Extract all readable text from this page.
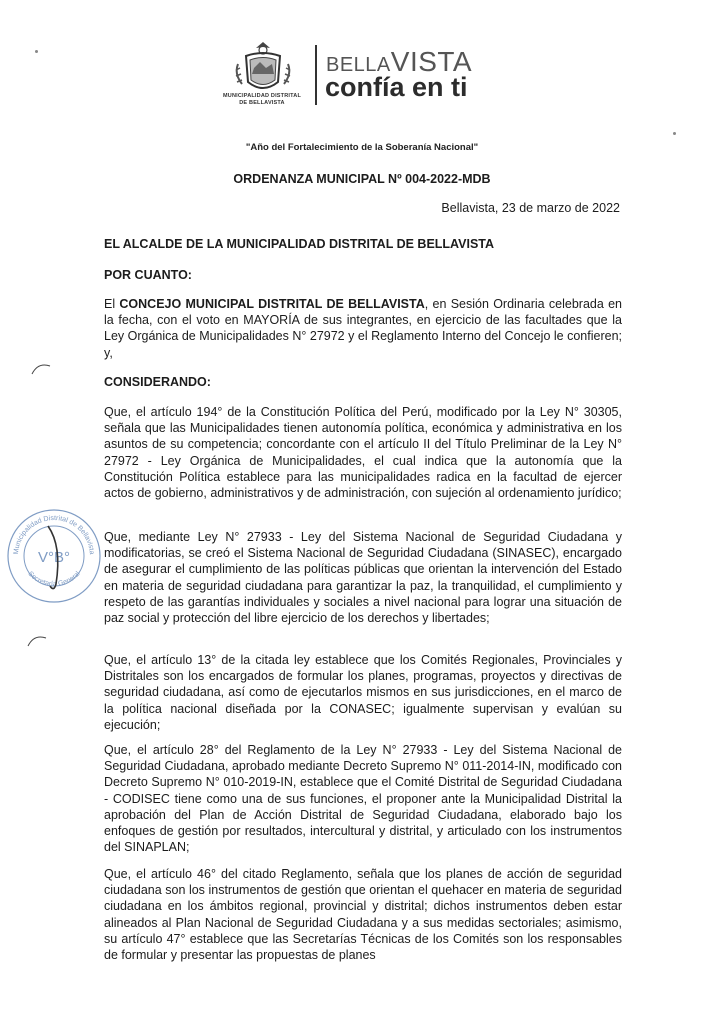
MUNICIPALIDAD DISTRITAL
DE BELLAVISTA
BELLAVISTA
confía en ti
"Año del Fortalecimiento de la Soberanía Nacional"
ORDENANZA MUNICIPAL Nº 004-2022-MDB
Bellavista, 23 de marzo de 2022
EL ALCALDE DE LA MUNICIPALIDAD DISTRITAL DE BELLAVISTA
POR CUANTO:
El CONCEJO MUNICIPAL DISTRITAL DE BELLAVISTA, en Sesión Ordinaria celebrada en la fecha, con el voto en MAYORÍA de sus integrantes, en ejercicio de las facultades que la Ley Orgánica de Municipalidades N° 27972 y el Reglamento Interno del Concejo le confieren; y,
CONSIDERANDO:
Que, el artículo 194° de la Constitución Política del Perú, modificado por la Ley N° 30305, señala que las Municipalidades tienen autonomía política, económica y administrativa en los asuntos de su competencia; concordante con el artículo II del Título Preliminar de la Ley N° 27972 - Ley Orgánica de Municipalidades, el cual indica que la autonomía que la Constitución Política establece para las municipalidades radica en la facultad de ejercer actos de gobierno, administrativos y de administración, con sujeción al ordenamiento jurídico;
Que, mediante Ley N° 27933 - Ley del Sistema Nacional de Seguridad Ciudadana y modificatorias, se creó el Sistema Nacional de Seguridad Ciudadana (SINASEC), encargado de asegurar el cumplimiento de las políticas públicas que orientan la intervención del Estado en materia de seguridad ciudadana para garantizar la paz, la tranquilidad, el cumplimiento y respeto de las garantías individuales y sociales a nivel nacional para lograr una situación de paz social y protección del libre ejercicio de los derechos y libertades;
Que, el artículo 13° de la citada ley establece que los Comités Regionales, Provinciales y Distritales son los encargados de formular los planes, programas, proyectos y directivas de seguridad ciudadana, así como de ejecutarlos mismos en sus jurisdicciones, en el marco de la política nacional diseñada por la CONASEC; igualmente supervisan y evalúan su ejecución;
Que, el artículo 28° del Reglamento de la Ley N° 27933 - Ley del Sistema Nacional de Seguridad Ciudadana, aprobado mediante Decreto Supremo N° 011-2014-IN, modificado con Decreto Supremo N° 010-2019-IN, establece que el Comité Distrital de Seguridad Ciudadana - CODISEC tiene como una de sus funciones, el proponer ante la Municipalidad Distrital la aprobación del Plan de Acción Distrital de Seguridad Ciudadana, elaborado bajo los enfoques de gestión por resultados, intercultural y distrital, y articulado con los instrumentos del SINAPLAN;
Que, el artículo 46° del citado Reglamento, señala que los planes de acción de seguridad ciudadana son los instrumentos de gestión que orientan el quehacer en materia de seguridad ciudadana en los ámbitos regional, provincial y distrital; dichos instrumentos deben estar alineados al Plan Nacional de Seguridad Ciudadana y a sus medidas sectoriales; asimismo, su artículo 47° establece que las Secretarías Técnicas de los Comités son los responsables de formular y presentar las propuestas de planes
Municipalidad Distrital de Bellavista
Secretaría General
V°B°
